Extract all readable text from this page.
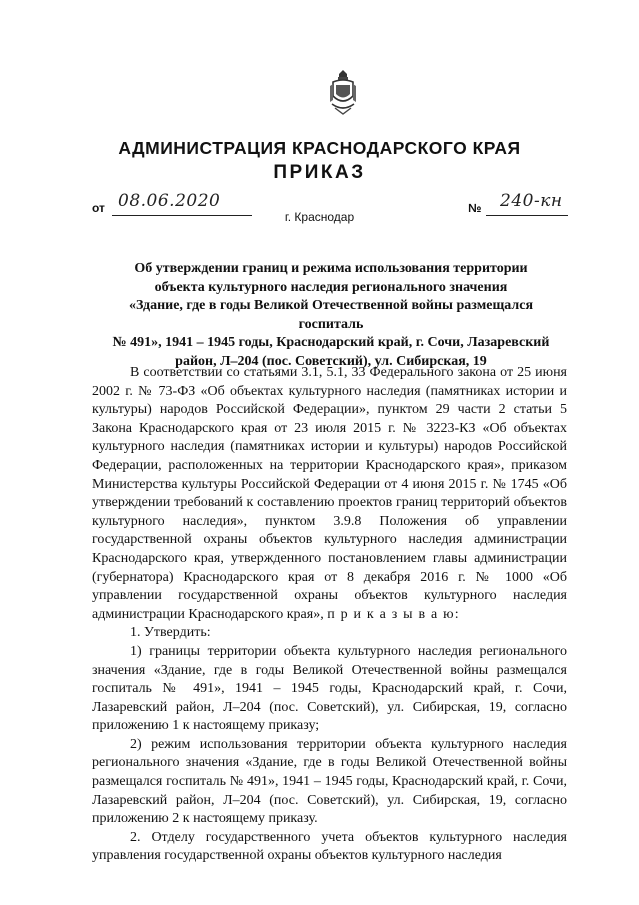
АДМИНИСТРАЦИЯ КРАСНОДАРСКОГО КРАЯ
ПРИКАЗ
от 08.06.2020	№ 240-кн
г. Краснодар
Об утверждении границ и режима использования территории
объекта культурного наследия регионального значения
«Здание, где в годы Великой Отечественной войны размещался госпиталь
№ 491», 1941 – 1945 годы, Краснодарский край, г. Сочи, Лазаревский
район, Л–204 (пос. Советский), ул. Сибирская, 19

В соответствии со статьями 3.1, 5.1, 33 Федерального закона от 25 июня 2002 г. № 73-ФЗ «Об объектах культурного наследия (памятниках истории и культуры) народов Российской Федерации», пунктом 29 части 2 статьи 5 Закона Краснодарского края от 23 июля 2015 г. № 3223-КЗ «Об объектах культурного наследия (памятниках истории и культуры) народов Российской Федерации, расположенных на территории Краснодарского края», приказом Министерства культуры Российской Федерации от 4 июня 2015 г. № 1745 «Об утверждении требований к составлению проектов границ территорий объектов культурного наследия», пунктом 3.9.8 Положения об управлении государственной охраны объектов культурного наследия администрации Краснодарского края, утвержденного постановлением главы администрации (губернатора) Краснодарского края от 8 декабря 2016 г. № 1000 «Об управлении государственной охраны объектов культурного наследия администрации Краснодарского края», п р и к а з ы в а ю:

1. Утвердить:

1) границы территории объекта культурного наследия регионального значения «Здание, где в годы Великой Отечественной войны размещался госпиталь № 491», 1941 – 1945 годы, Краснодарский край, г. Сочи, Лазаревский район, Л–204 (пос. Советский), ул. Сибирская, 19, согласно приложению 1 к настоящему приказу;

2) режим использования территории объекта культурного наследия регионального значения «Здание, где в годы Великой Отечественной войны размещался госпиталь № 491», 1941 – 1945 годы, Краснодарский край, г. Сочи, Лазаревский район, Л–204 (пос. Советский), ул. Сибирская, 19, согласно приложению 2 к настоящему приказу.

2. Отделу государственного учета объектов культурного наследия управления государственной охраны объектов культурного наследия
